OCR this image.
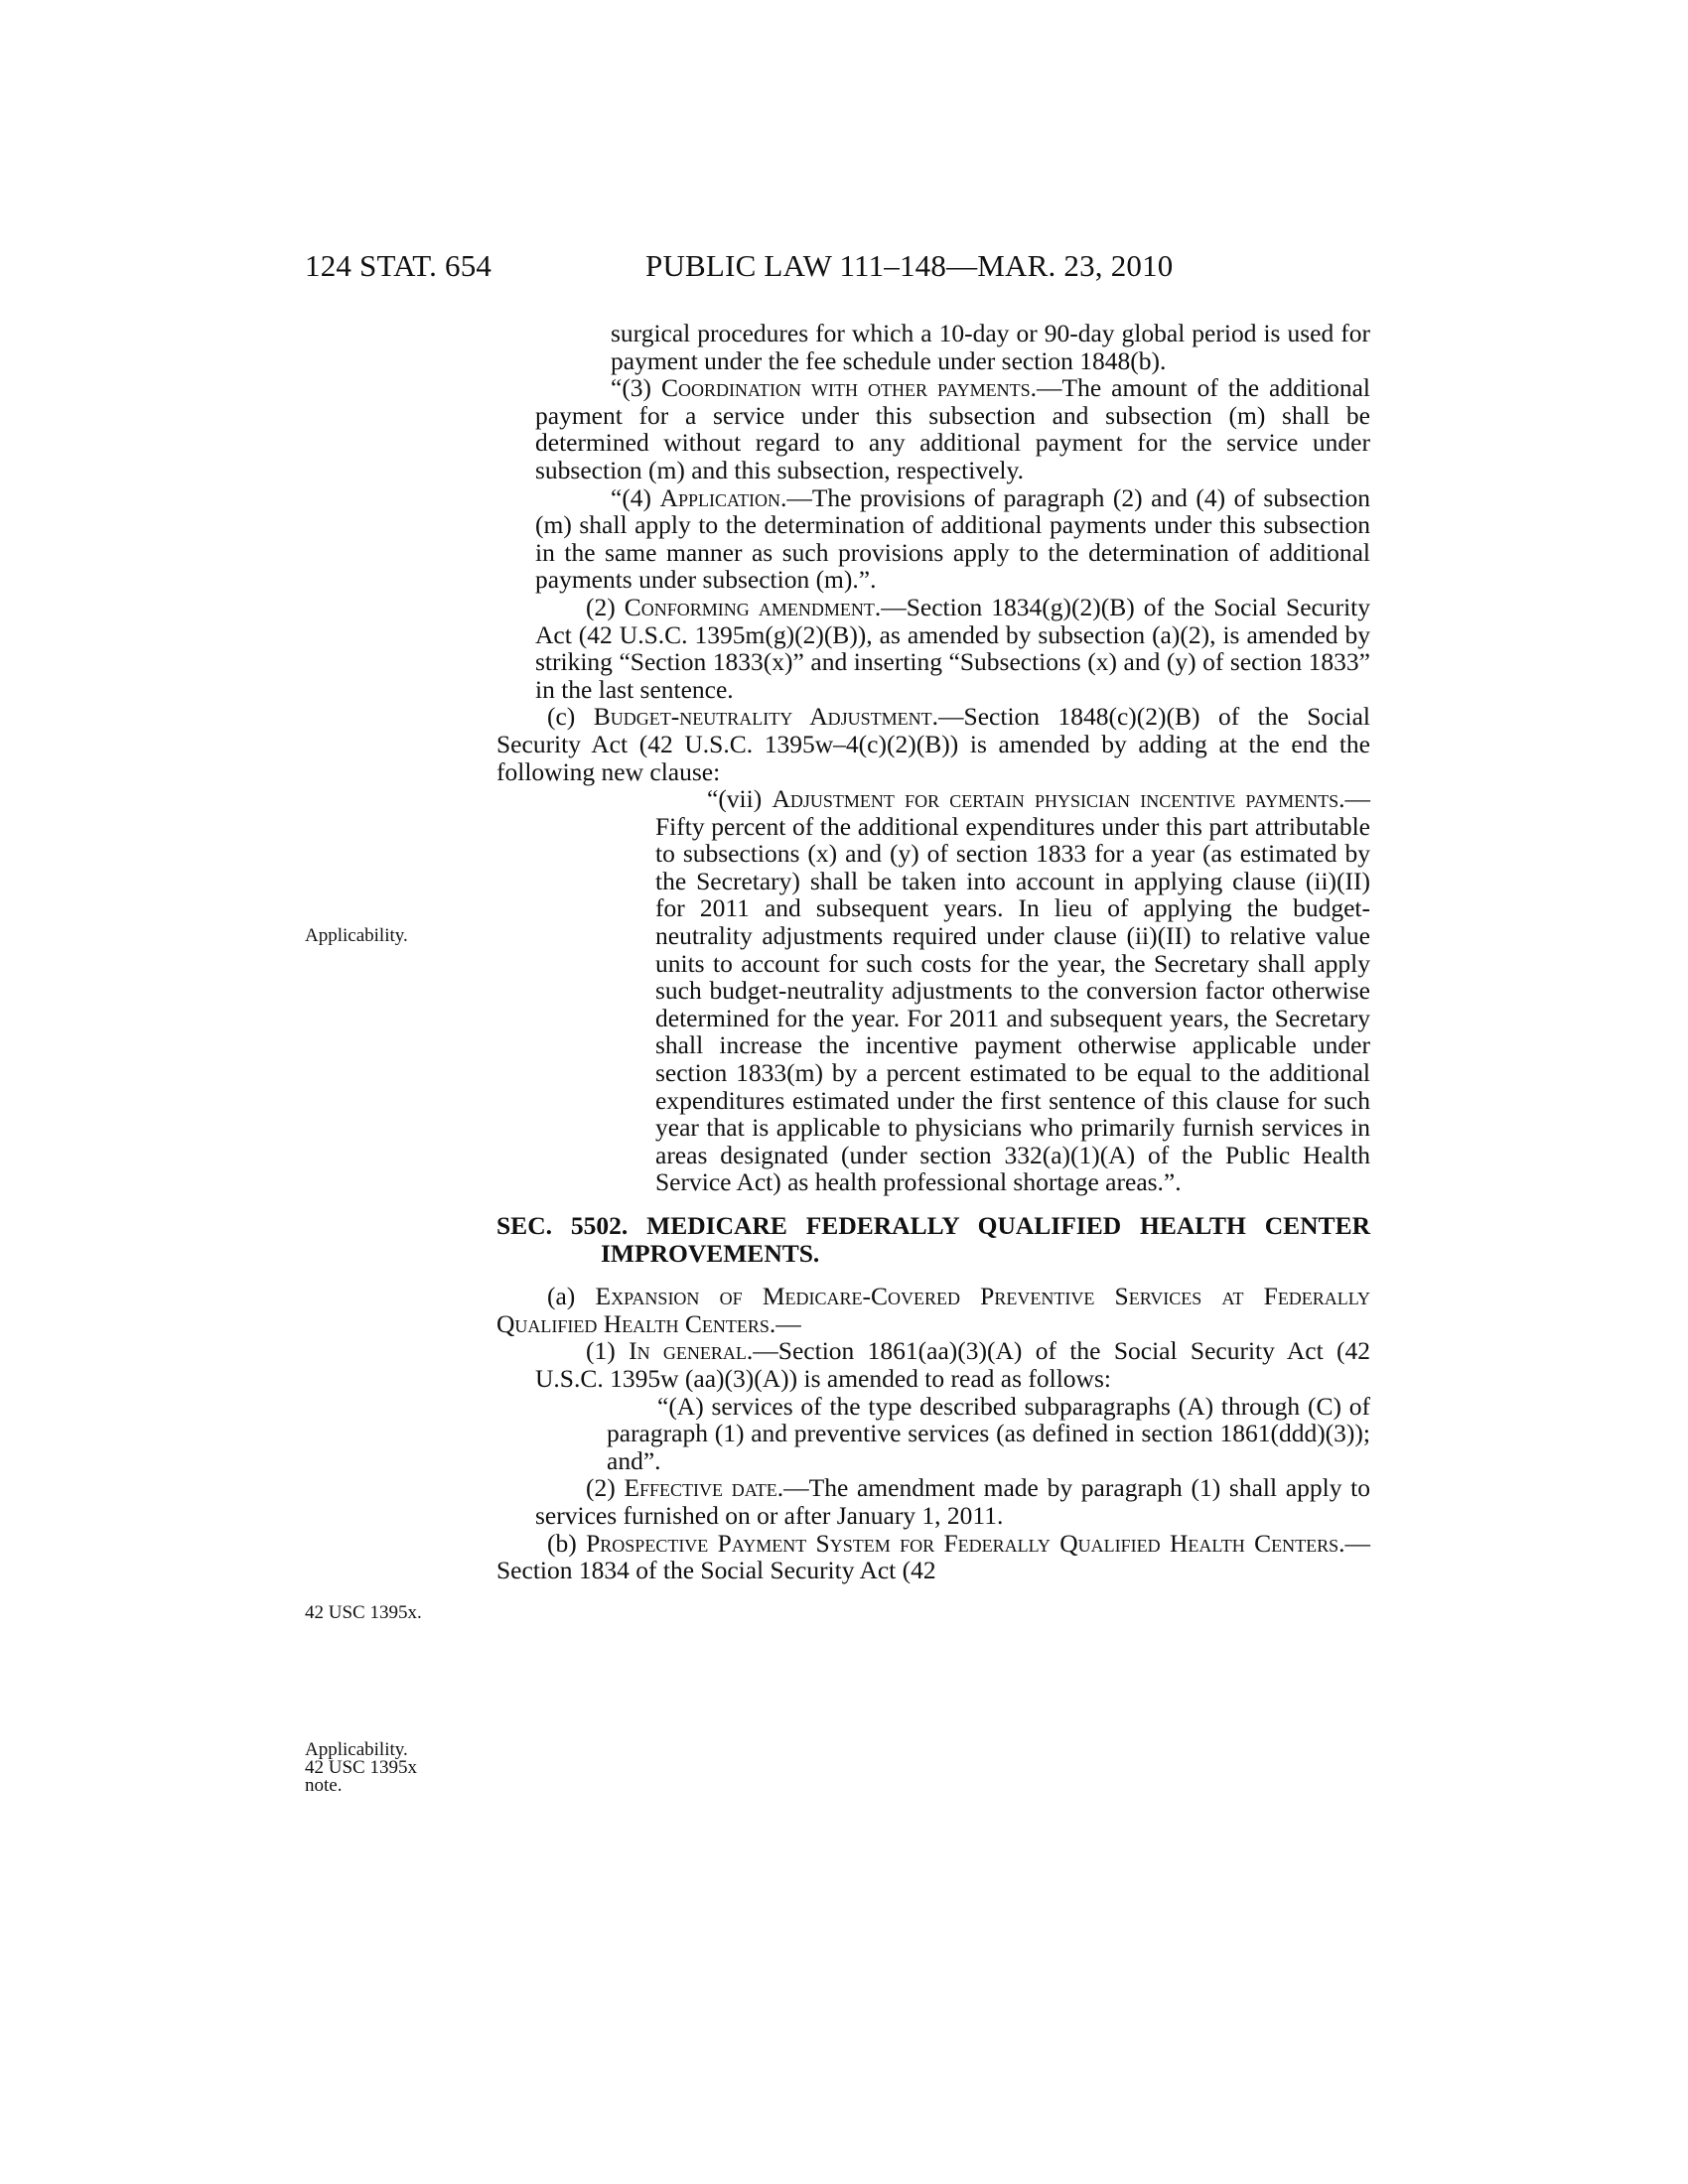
124 STAT. 654	PUBLIC LAW 111–148—MAR. 23, 2010
Applicability.
42 USC 1395x.
Applicability.
42 USC 1395x
note.

surgical procedures for which a 10-day or 90-day global period is used for payment under the fee schedule under section 1848(b).

“(3) Coordination with other payments.—The amount of the additional payment for a service under this subsection and subsection (m) shall be determined without regard to any additional payment for the service under subsection (m) and this subsection, respectively.

“(4) Application.—The provisions of paragraph (2) and (4) of subsection (m) shall apply to the determination of additional payments under this subsection in the same manner as such provisions apply to the determination of additional payments under subsection (m).”.

(2) Conforming amendment.—Section 1834(g)(2)(B) of the Social Security Act (42 U.S.C. 1395m(g)(2)(B)), as amended by subsection (a)(2), is amended by striking “Section 1833(x)” and inserting “Subsections (x) and (y) of section 1833” in the last sentence.

(c) Budget-neutrality Adjustment.—Section 1848(c)(2)(B) of the Social Security Act (42 U.S.C. 1395w–4(c)(2)(B)) is amended by adding at the end the following new clause:

“(vii) Adjustment for certain physician incentive payments.—Fifty percent of the additional expenditures under this part attributable to subsections (x) and (y) of section 1833 for a year (as estimated by the Secretary) shall be taken into account in applying clause (ii)(II) for 2011 and subsequent years. In lieu of applying the budget-neutrality adjustments required under clause (ii)(II) to relative value units to account for such costs for the year, the Secretary shall apply such budget-neutrality adjustments to the conversion factor otherwise determined for the year. For 2011 and subsequent years, the Secretary shall increase the incentive payment otherwise applicable under section 1833(m) by a percent estimated to be equal to the additional expenditures estimated under the first sentence of this clause for such year that is applicable to physicians who primarily furnish services in areas designated (under section 332(a)(1)(A) of the Public Health Service Act) as health professional shortage areas.”.

SEC. 5502. MEDICARE FEDERALLY QUALIFIED HEALTH CENTER IMPROVEMENTS.

(a) Expansion of Medicare-Covered Preventive Services at Federally Qualified Health Centers.—

(1) In general.—Section 1861(aa)(3)(A) of the Social Security Act (42 U.S.C. 1395w (aa)(3)(A)) is amended to read as follows:

“(A) services of the type described subparagraphs (A) through (C) of paragraph (1) and preventive services (as defined in section 1861(ddd)(3)); and”.

(2) Effective date.—The amendment made by paragraph (1) shall apply to services furnished on or after January 1, 2011.

(b) Prospective Payment System for Federally Qualified Health Centers.—Section 1834 of the Social Security Act (42
